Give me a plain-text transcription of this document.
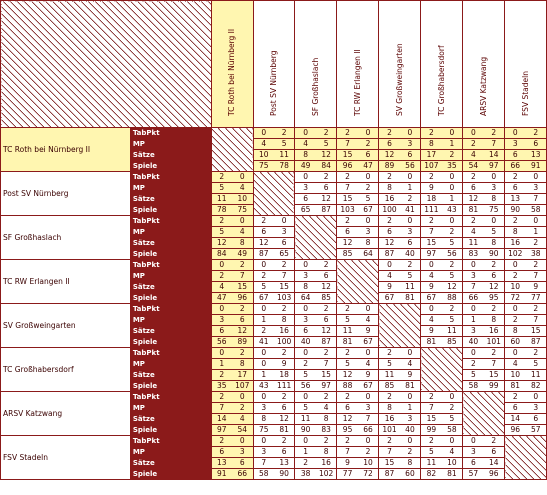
		TC Roth bei Nürnberg II	Post SV Nürnberg	SF Großhaslach	TC RW Erlangen II	SV Großweingarten	TC Großhabersdorf	ARSV Katzwang	FSV Stadeln

TC Roth bei Nürnberg II	TabPkt		0 2	0 2	2 0	2 0	2 0	0 2	0 2
	MP		4 5	4 5	7 2	6 3	8 1	2 7	3 6
	Sätze		10 11	8 12	15 6	12 6	17 2	4 14	6 13
	Spiele		75 78	49 84	96 47	89 56	107 35	54 97	66 91
Post SV Nürnberg	TabPkt	2 0		0 2	2 0	2 0	2 0	2 0	2 0
	MP	5 4		3 6	7 2	8 1	9 0	6 3	6 3
	Sätze	11 10		6 12	15 5	16 2	18 1	12 8	13 7
	Spiele	78 75		65 87	103 67	100 41	111 43	81 75	90 58
SF Großhaslach	TabPkt	2 0	2 0		2 0	2 0	2 0	2 0	2 0
	MP	5 4	6 3		6 3	6 3	7 2	4 5	8 1
	Sätze	12 8	12 6		12 8	12 6	15 5	11 8	16 2
	Spiele	84 49	87 65		85 64	87 40	97 56	83 90	102 38
TC RW Erlangen II	TabPkt	0 2	0 2	0 2		0 2	0 2	0 2	0 2
	MP	2 7	2 7	3 6		4 5	4 5	3 6	2 7
	Sätze	4 15	5 15	8 12		9 11	9 12	7 12	10 9
	Spiele	47 96	67 103	64 85		67 81	67 88	66 95	72 77
SV Großweingarten	TabPkt	0 2	0 2	0 2	2 0		0 2	0 2	0 2
	MP	3 6	1 8	3 6	5 4		4 5	1 8	2 7
	Sätze	6 12	2 16	6 12	11 9		9 11	3 16	8 15
	Spiele	56 89	41 100	40 87	81 67		81 85	40 101	60 87
TC Großhabersdorf	TabPkt	0 2	0 2	0 2	2 0	2 0		0 2	0 2
	MP	1 8	0 9	2 7	5 4	5 4		2 7	4 5
	Sätze	2 17	1 18	5 15	12 9	11 9		5 15	10 11
	Spiele	35 107	43 111	56 97	88 67	85 81		58 99	81 82
ARSV Katzwang	TabPkt	2 0	0 2	0 2	2 0	2 0	2 0		2 0
	MP	7 2	3 6	5 4	6 3	8 1	7 2		6 3
	Sätze	14 4	8 12	11 8	12 7	16 3	15 5		14 6
	Spiele	97 54	75 81	90 83	95 66	101 40	99 58		96 57
FSV Stadeln	TabPkt	2 0	0 2	0 2	2 0	2 0	2 0	0 2	
	MP	6 3	3 6	1 8	7 2	7 2	5 4	3 6	
	Sätze	13 6	7 13	2 16	9 10	15 8	11 10	6 14	
	Spiele	91 66	58 90	38 102	77 72	87 60	82 81	57 96	
